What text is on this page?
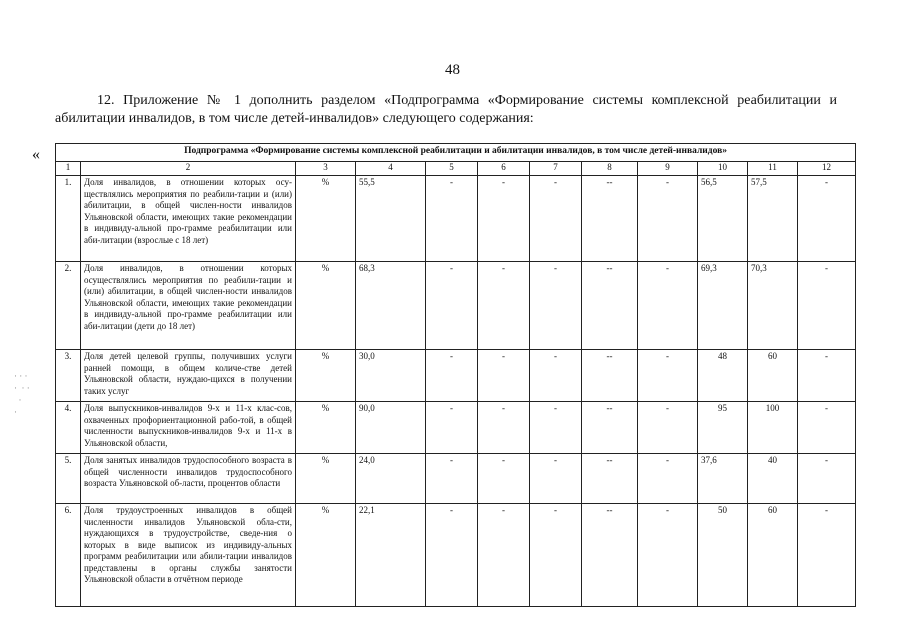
48
12. Приложение № 1 дополнить разделом «Подпрограмма «Формирование системы комплексной реабилитации и абилитации инвалидов, в том числе детей-инвалидов» следующего содержания:
«
· · ·
·  · ·
·
·
Подпрограмма «Формирование системы комплексной реабилитации и абилитации инвалидов, в том числе детей-инвалидов»											
1	2	3	4	5	6	7	8	9	10	11	12
1.	Доля инвалидов, в отношении которых осу-ществлялись мероприятия по реабили-тации и (или) абилитации, в общей числен-ности инвалидов Ульяновской области, имеющих такие рекомендации в индивиду-альной про-грамме реабилитации или аби-литации (взрослые с 18 лет)	%	55,5	-	-	-	--	-	56,5	57,5	-
2.	Доля инвалидов, в отношении которых осуществлялись мероприятия по реабили-тации и (или) абилитации, в общей числен-ности инвалидов Ульяновской области, имеющих такие рекомендации в индивиду-альной про-грамме реабилитации или аби-литации (дети до 18 лет)	%	68,3	-	-	-	--	-	69,3	70,3	-
3.	Доля детей целевой группы, получивших услуги ранней помощи, в общем количе-стве детей Ульяновской области, нуждаю-щихся в получении таких услуг	%	30,0	-	-	-	--	-	48	60	-
4.	Доля выпускников-инвалидов 9-х и 11-х клас-сов, охваченных профориентационной рабо-той, в общей численности выпускников-инвалидов 9-х и 11-х в Ульяновской области,	%	90,0	-	-	-	--	-	95	100	-
5.	Доля занятых инвалидов трудоспособного возраста в общей численности инвалидов трудоспособного возраста Ульяновской об-ласти, процентов области	%	24,0	-	-	-	--	-	37,6	40	-
6.	Доля трудоустроенных инвалидов в общей численности инвалидов Ульяновской обла-сти, нуждающихся в трудоустройстве, сведе-ния о которых в виде выписок из индивиду-альных программ реабилитации или абили-тации инвалидов представлены в органы службы занятости Ульяновской области в отчётном периоде	%	22,1	-	-	-	--	-	50	60	-
